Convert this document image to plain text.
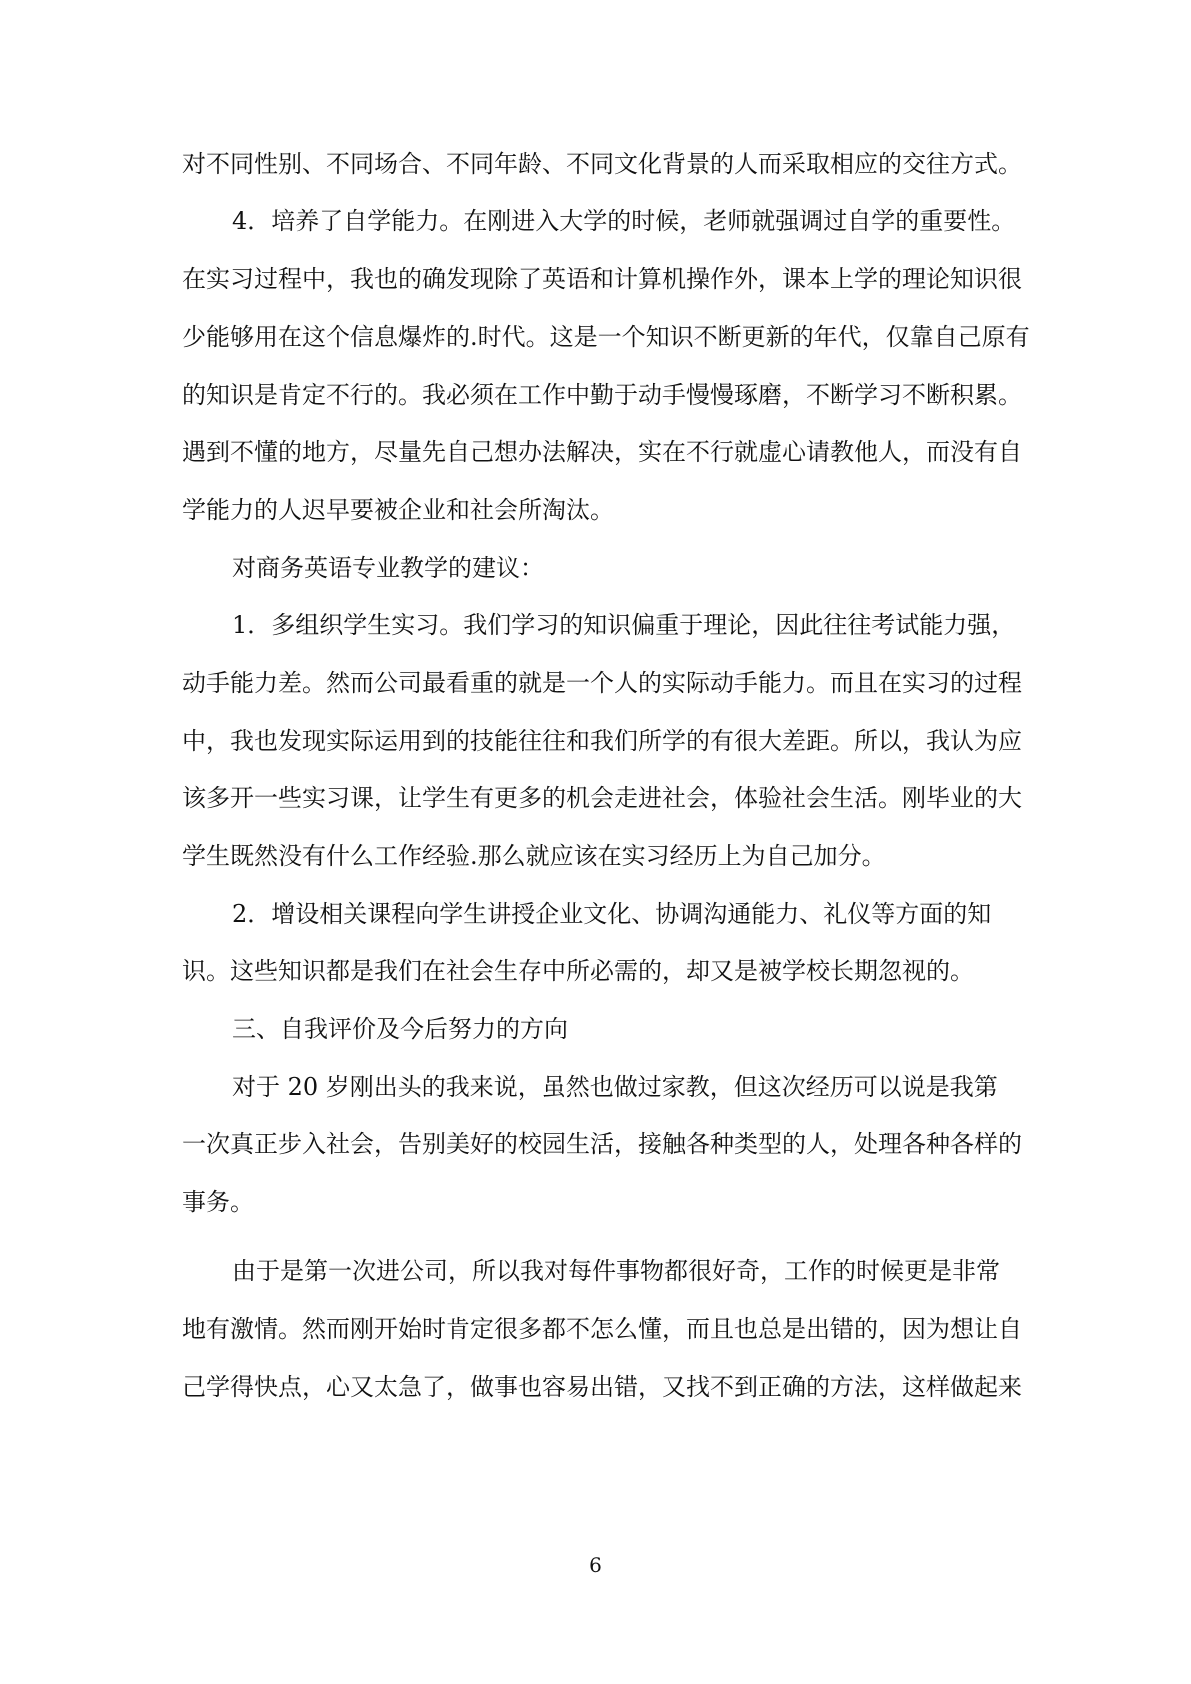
对不同性别、不同场合、不同年龄、不同文化背景的人而采取相应的交往方式。
4．培养了自学能力。在刚进入大学的时候，老师就强调过自学的重要性。
在实习过程中，我也的确发现除了英语和计算机操作外，课本上学的理论知识很
少能够用在这个信息爆炸的.时代。这是一个知识不断更新的年代，仅靠自己原有
的知识是肯定不行的。我必须在工作中勤于动手慢慢琢磨，不断学习不断积累。
遇到不懂的地方，尽量先自己想办法解决，实在不行就虚心请教他人，而没有自
学能力的人迟早要被企业和社会所淘汰。
对商务英语专业教学的建议：
1．多组织学生实习。我们学习的知识偏重于理论，因此往往考试能力强，
动手能力差。然而公司最看重的就是一个人的实际动手能力。而且在实习的过程
中，我也发现实际运用到的技能往往和我们所学的有很大差距。所以，我认为应
该多开一些实习课，让学生有更多的机会走进社会，体验社会生活。刚毕业的大
学生既然没有什么工作经验.那么就应该在实习经历上为自己加分。
2．增设相关课程向学生讲授企业文化、协调沟通能力、礼仪等方面的知
识。这些知识都是我们在社会生存中所必需的，却又是被学校长期忽视的。
三、自我评价及今后努力的方向
对于 20 岁刚出头的我来说，虽然也做过家教，但这次经历可以说是我第
一次真正步入社会，告别美好的校园生活，接触各种类型的人，处理各种各样的
事务。
由于是第一次进公司，所以我对每件事物都很好奇，工作的时候更是非常
地有激情。然而刚开始时肯定很多都不怎么懂，而且也总是出错的，因为想让自
己学得快点，心又太急了，做事也容易出错，又找不到正确的方法，这样做起来
6
